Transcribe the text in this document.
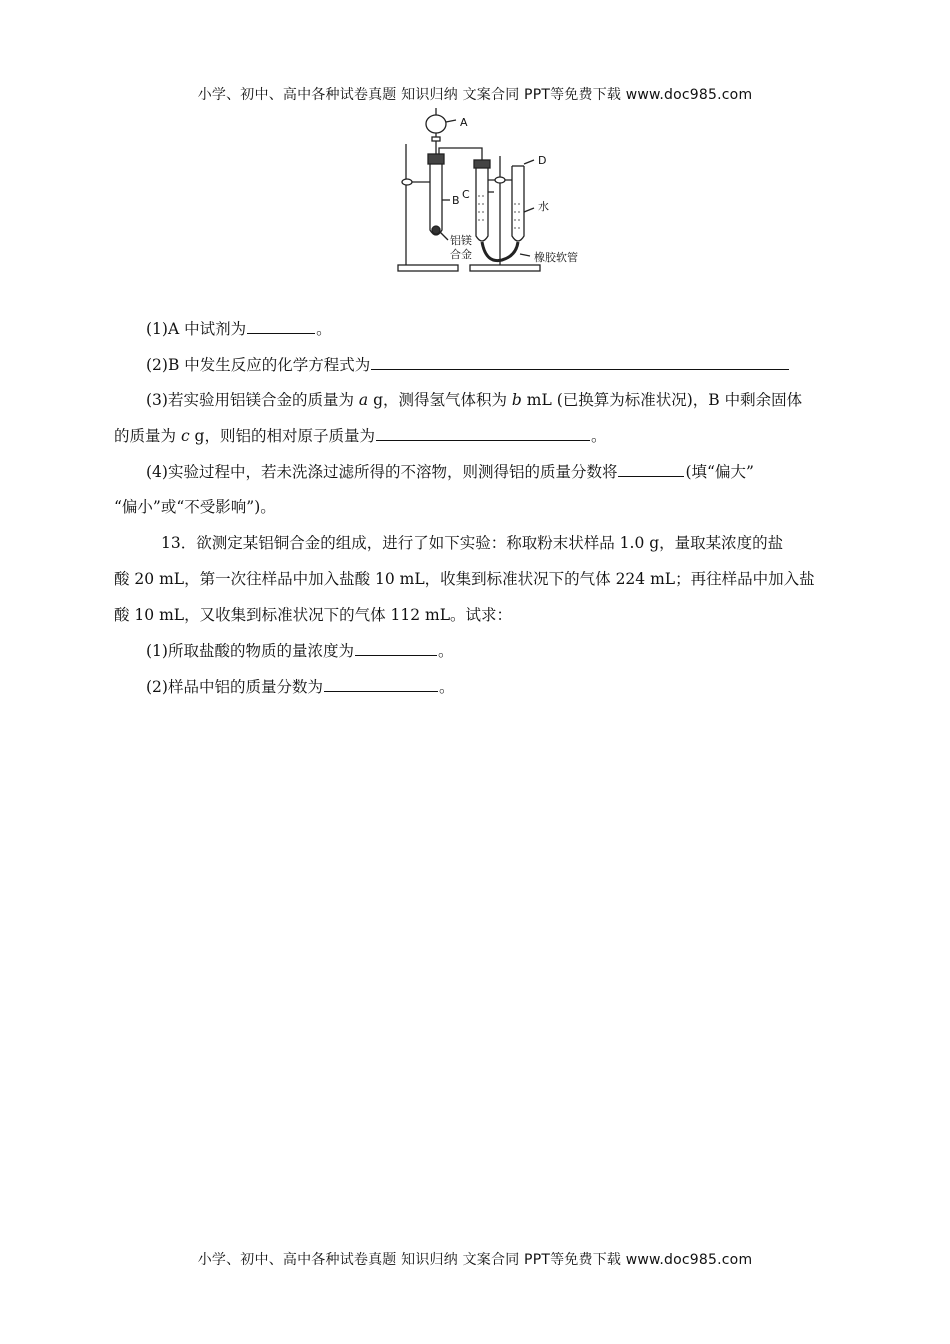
小学、初中、高中各种试卷真题 知识归纳 文案合同 PPT等免费下载 www.doc985.com
A
B C
D
水
铝镁
合金	橡胶软管
(1)A 中试剂为	。
(2)B 中发生反应的化学方程式为
(3)若实验用铝镁合金的质量为 a g，测得氢气体积为 b mL (已换算为标准状况)，B 中剩余固体
的质量为 c g，则铝的相对原子质量为	。
(4)实验过程中，若未洗涤过滤所得的不溶物，则测得铝的质量分数将	(填“偏大”
“偏小”或“不受影响”)。
13．欲测定某铝铜合金的组成，进行了如下实验：称取粉末状样品 1.0 g，量取某浓度的盐
酸 20 mL，第一次往样品中加入盐酸 10 mL，收集到标准状况下的气体 224 mL；再往样品中加入盐
酸 10 mL，又收集到标准状况下的气体 112 mL。试求：
(1)所取盐酸的物质的量浓度为	。
(2)样品中铝的质量分数为	。
小学、初中、高中各种试卷真题 知识归纳 文案合同 PPT等免费下载 www.doc985.com
